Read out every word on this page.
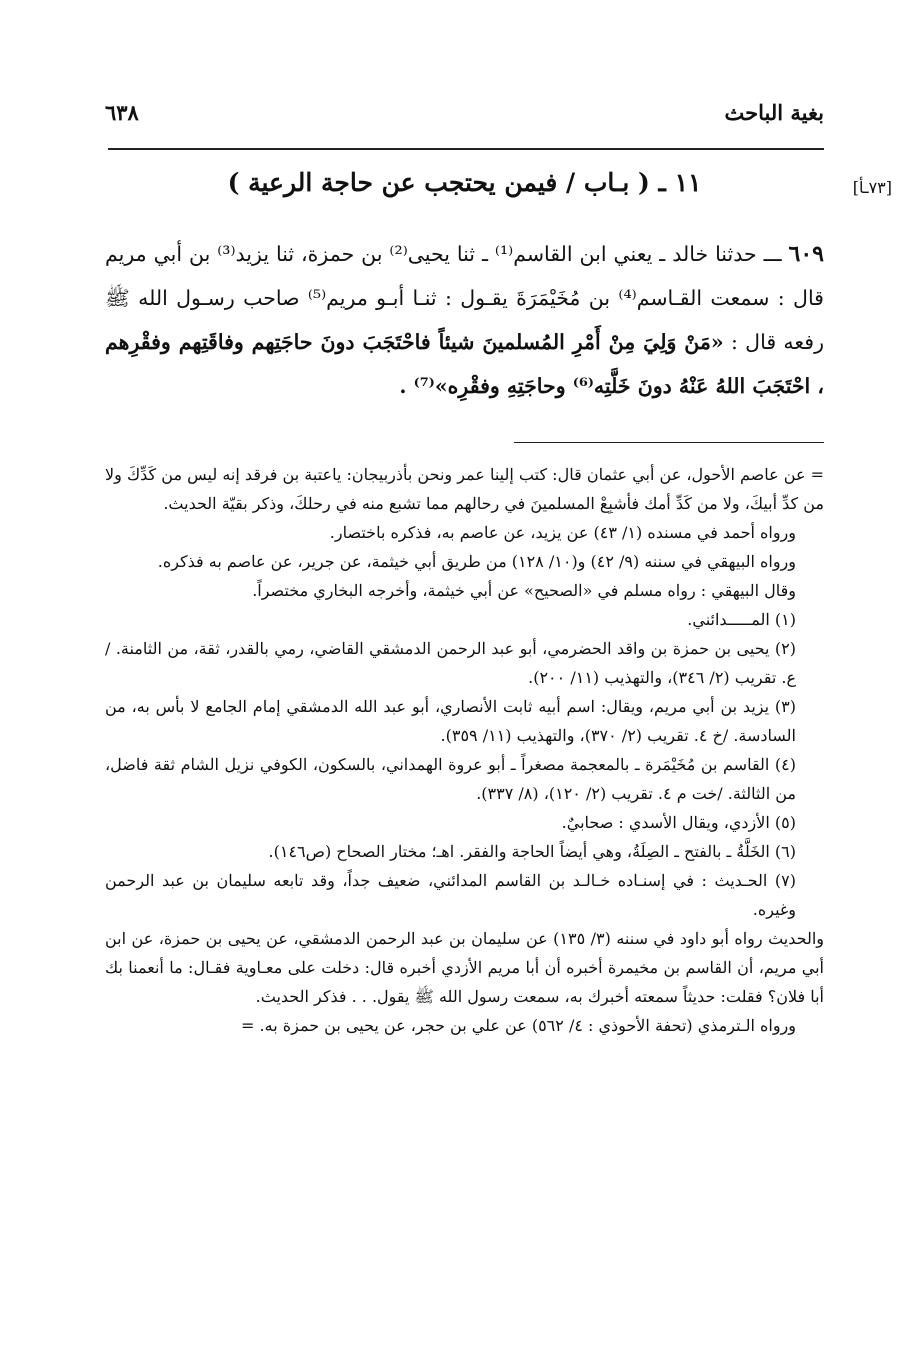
بغية الباحث
٦٣٨
[٧٣ـأ]
١١ ـ ( بـاب / فيمن يحتجب عن حاجة الرعية )
٦٠٩ ـــ حدثنا خالد ـ يعني ابن القاسم⁽¹⁾ ـ ثنا يحيى⁽²⁾ بن حمزة، ثنا يزيد⁽³⁾ بن أبي مريم قال : سمعت القـاسم⁽⁴⁾ بن مُخَيْمَرَةَ يقـول : ثنـا أبـو مريم⁽⁵⁾ صاحب رسـول الله ﷺ رفعه قال : «مَنْ وَلِيَ مِنْ أَمْرِ المُسلمينَ شيئاً فاحْتَجَبَ دونَ حاجَتِهم وفاقَتِهم وفقْرِهم ، احْتَجَبَ اللهُ عَنْهُ دونَ خَلَّتِه⁽⁶⁾ وحاجَتِهِ وفقْرِه»⁽⁷⁾ .

= عن عاصم الأحول، عن أبي عثمان قال: كتب إلينا عمر ونحن بأذربيجان: ياعتبة بن فرقد إنه ليس من كَدِّكَ ولا من كدِّ أبيكَ، ولا من كَدِّ أمك فأشبِعْ المسلمينَ في رحالهم مما تشبع منه في رحلكَ، وذكر بقيّة الحديث.

ورواه أحمد في مسنده (١/ ٤٣) عن يزيد، عن عاصم به، فذكره باختصار.

ورواه البيهقي في سننه (٩/ ٤٢) و(١٠/ ١٢٨) من طريق أبي خيثمة، عن جرير، عن عاصم به فذكره.

وقال البيهقي : رواه مسلم في «الصحيح» عن أبي خيثمة، وأخرجه البخاري مختصراً.

(١) المـــــدائني.

(٢) يحيى بن حمزة بن واقد الحضرمي، أبو عبد الرحمن الدمشقي القاضي، رمي بالقدر، ثقة، من الثامنة. /ع. تقريب (٢/ ٣٤٦)، والتهذيب (١١/ ٢٠٠).

(٣) يزيد بن أبي مريم، ويقال: اسم أبيه ثابت الأنصاري، أبو عبد الله الدمشقي إمام الجامع لا بأس به، من السادسة. /خ ٤. تقريب (٢/ ٣٧٠)، والتهذيب (١١/ ٣٥٩).

(٤) القاسم بن مُخَيْمَرة ـ بالمعجمة مصغراً ـ أبو عروة الهمداني، بالسكون، الكوفي نزيل الشام ثقة فاضل، من الثالثة. /خت م ٤. تقريب (٢/ ١٢٠)، (٨/ ٣٣٧).

(٥) الأزدي، ويقال الأسدي : صحابيٌ.

(٦) الخَلَّةُ ـ بالفتح ـ الصِلَةُ، وهي أيضاً الحاجة والفقر. اهـ؛ مختار الصحاح (ص١٤٦).

(٧) الحـديث : في إسنـاده خـالـد بن القاسم المدائني، ضعيف جداً، وقد تابعه سليمان بن عبد الرحمن وغيره.

والحديث رواه أبو داود في سننه (٣/ ١٣٥) عن سليمان بن عبد الرحمن الدمشقي، عن يحيى بن حمزة، عن ابن أبي مريم، أن القاسم بن مخيمرة أخبره أن أبا مريم الأزدي أخبره قال: دخلت على معـاوية فقـال: ما أنعمنا بك أبا فلان؟ فقلت: حديثاً سمعته أخبرك به، سمعت رسول الله ﷺ يقول. . . فذكر الحديث.

ورواه الـترمذي (تحفة الأحوذي : ٤/ ٥٦٢) عن علي بن حجر، عن يحيى بن حمزة به. =
